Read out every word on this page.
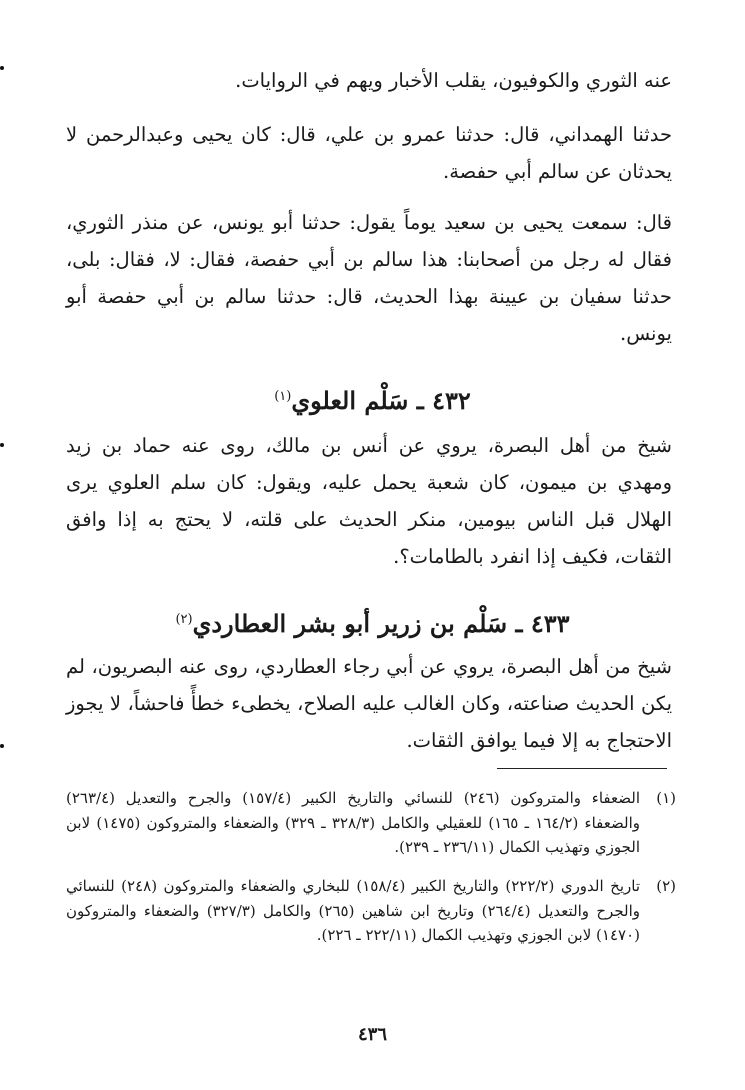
عنه الثوري والكوفيون، يقلب الأخبار ويهم في الروايات.
حدثنا الهمداني، قال: حدثنا عمرو بن علي، قال: كان يحيى وعبدالرحمن لا يحدثان عن سالم أبي حفصة.
قال: سمعت يحيى بن سعيد يوماً يقول: حدثنا أبو يونس، عن منذر الثوري، فقال له رجل من أصحابنا: هذا سالم بن أبي حفصة، فقال: لا، فقال: بلى، حدثنا سفيان بن عيينة بهذا الحديث، قال: حدثنا سالم بن أبي حفصة أبو يونس.
٤٣٢ ـ سَلْم العلوي$^{(١)}$
شيخ من أهل البصرة، يروي عن أنس بن مالك، روى عنه حماد بن زيد ومهدي بن ميمون، كان شعبة يحمل عليه، ويقول: كان سلم العلوي يرى الهلال قبل الناس بيومين، منكر الحديث على قلته، لا يحتج به إذا وافق الثقات، فكيف إذا انفرد بالطامات؟.
٤٣٣ ـ سَلْم بن زرير أبو بشر العطاردي$^{(٢)}$
شيخ من أهل البصرة، يروي عن أبي رجاء العطاردي، روى عنه البصريون، لم يكن الحديث صناعته، وكان الغالب عليه الصلاح، يخطىء خطأً فاحشاً، لا يجوز الاحتجاج به إلا فيما يوافق الثقات.
(١)
الضعفاء والمتروكون (٢٤٦) للنسائي والتاريخ الكبير (١٥٧/٤) والجرح والتعديل (٢٦٣/٤) والضعفاء (١٦٤/٢ ـ ١٦٥) للعقيلي والكامل (٣٢٨/٣ ـ ٣٢٩) والضعفاء والمتروكون (١٤٧٥) لابن الجوزي وتهذيب الكمال (٢٣٦/١١ ـ ٢٣٩).
(٢)
تاريخ الدوري (٢٢٢/٢) والتاريخ الكبير (١٥٨/٤) للبخاري والضعفاء والمتروكون (٢٤٨) للنسائي والجرح والتعديل (٢٦٤/٤) وتاريخ ابن شاهين (٢٦٥) والكامل (٣٢٧/٣) والضعفاء والمتروكون (١٤٧٠) لابن الجوزي وتهذيب الكمال (٢٢٢/١١ ـ ٢٢٦).
٤٣٦
